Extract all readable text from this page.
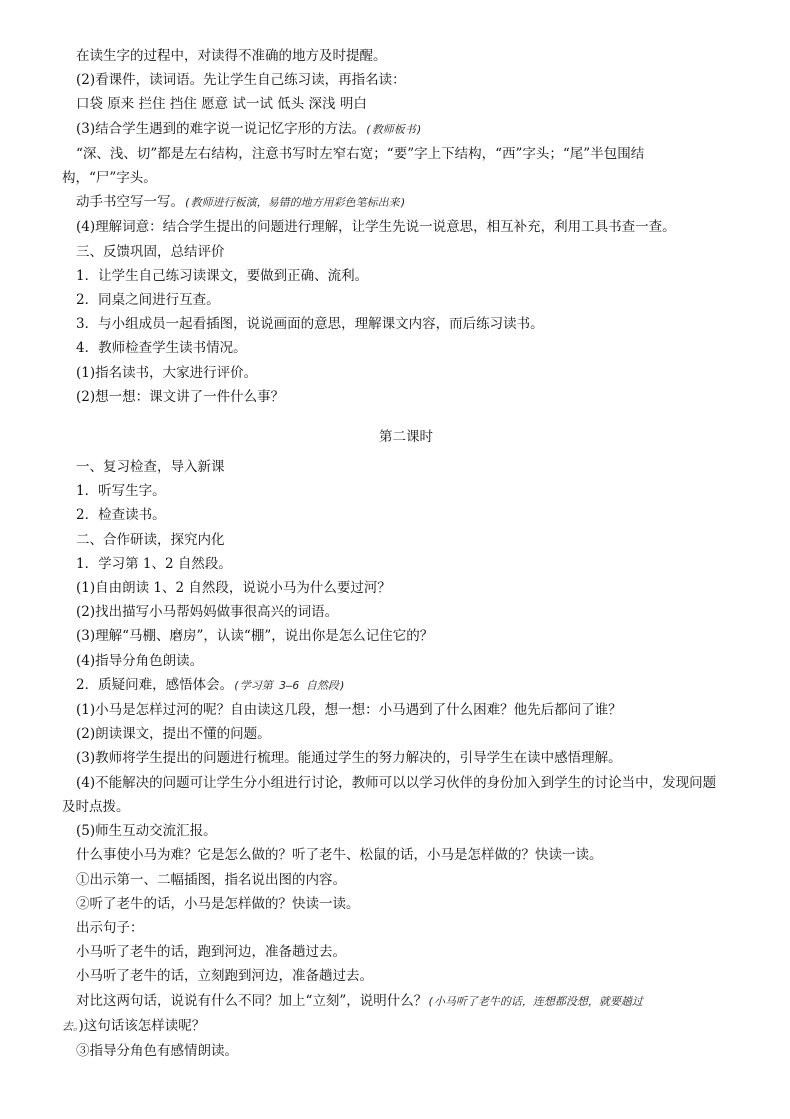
在读生字的过程中，对读得不准确的地方及时提醒。
(2)看课件，读词语。先让学生自己练习读，再指名读：
口袋 原来 拦住 挡住 愿意 试一试 低头 深浅 明白
(3)结合学生遇到的难字说一说记忆字形的方法。(教师板书)
“深、浅、切”都是左右结构，注意书写时左窄右宽；“要”字上下结构，“西”字头；“尾”半包围结
构，“尸”字头。
动手书空写一写。(教师进行板演，易错的地方用彩色笔标出来)
(4)理解词意：结合学生提出的问题进行理解，让学生先说一说意思，相互补充，利用工具书查一查。
三、反馈巩固，总结评价
1．让学生自己练习读课文，要做到正确、流利。
2．同桌之间进行互查。
3．与小组成员一起看插图，说说画面的意思，理解课文内容，而后练习读书。
4．教师检查学生读书情况。
(1)指名读书，大家进行评价。
(2)想一想：课文讲了一件什么事？
第二课时
一、复习检查，导入新课
1．听写生字。
2．检查读书。
二、合作研读，探究内化
1．学习第 1、2 自然段。
(1)自由朗读 1、2 自然段，说说小马为什么要过河？
(2)找出描写小马帮妈妈做事很高兴的词语。
(3)理解“马棚、磨房”，认读“棚”，说出你是怎么记住它的？
(4)指导分角色朗读。
2．质疑问难，感悟体会。(学习第 3—6 自然段)
(1)小马是怎样过河的呢？自由读这几段，想一想：小马遇到了什么困难？他先后都问了谁？
(2)朗读课文，提出不懂的问题。
(3)教师将学生提出的问题进行梳理。能通过学生的努力解决的，引导学生在读中感悟理解。
(4)不能解决的问题可让学生分小组进行讨论，教师可以以学习伙伴的身份加入到学生的讨论当中，发现问题
及时点拨。
(5)师生互动交流汇报。
什么事使小马为难？它是怎么做的？听了老牛、松鼠的话，小马是怎样做的？快读一读。
①出示第一、二幅插图，指名说出图的内容。
②听了老牛的话，小马是怎样做的？快读一读。
出示句子：
小马听了老牛的话，跑到河边，准备趟过去。
小马听了老牛的话，立刻跑到河边，准备趟过去。
对比这两句话，说说有什么不同？加上“立刻”，说明什么？(小马听了老牛的话，连想都没想，就要趟过
去。)这句话该怎样读呢？
③指导分角色有感情朗读。
